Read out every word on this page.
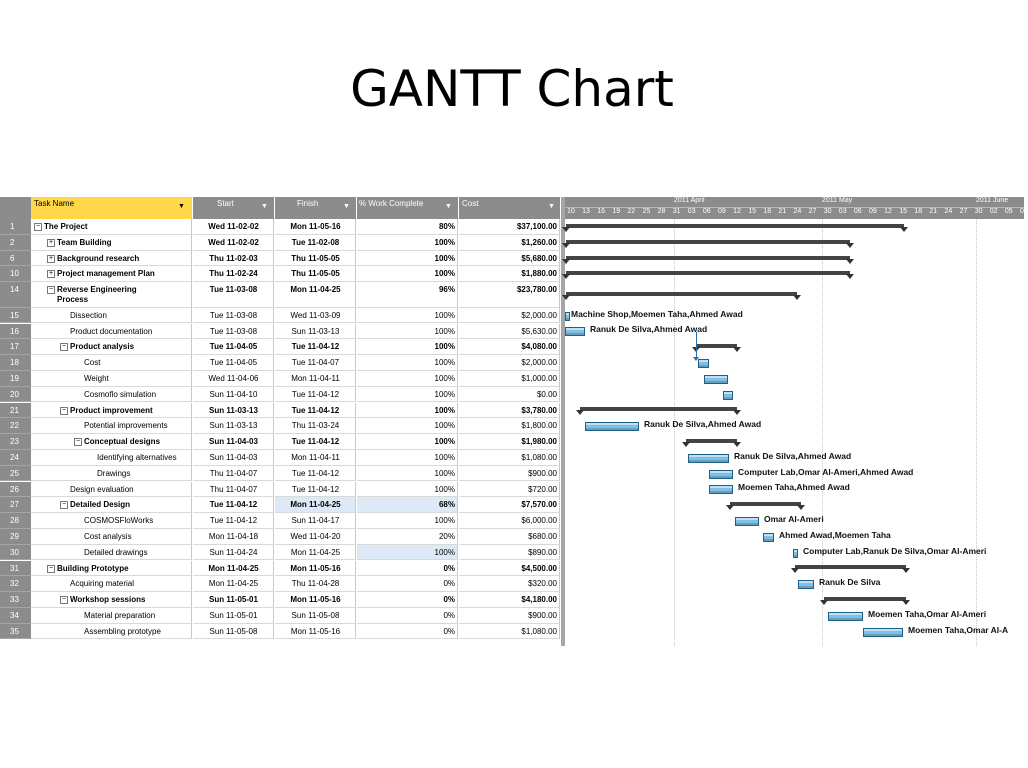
GANTT Chart
Task Name	▼	Start	▼	Finish	▼ % Work Complete	▼ Cost	▼
2011 April	2011 May	2011 June
10 13 16 19 22 25 28 31 03 06 09 12 15 18 21 24 27 30 03 06 09 12 15 18 21 24 27 30 02 05 08
1	− The Project	Wed 11-02-02	Mon 11-05-16	80%	$37,100.00
2	+ Team Building	Wed 11-02-02	Tue 11-02-08	100%	$1,260.00
6	+ Background research	Thu 11-02-03	Thu 11-05-05	100%	$5,680.00
10	+ Project management Plan	Thu 11-02-24	Thu 11-05-05	100%	$1,880.00
14	− Reverse Engineering
Process
Tue 11-03-08	Mon 11-04-25	96%	$23,780.00
15	Dissection	Tue 11-03-08	Wed 11-03-09	100%	$2,000.00
16	Product documentation	Tue 11-03-08	Sun 11-03-13	100%	$5,630.00
17	− Product analysis	Tue 11-04-05	Tue 11-04-12	100%	$4,080.00
18	Cost	Tue 11-04-05	Tue 11-04-07	100%	$2,000.00
19	Weight	Wed 11-04-06	Mon 11-04-11	100%	$1,000.00
20	Cosmoflo simulation	Sun 11-04-10	Tue 11-04-12	100%	$0.00
21	− Product improvement	Sun 11-03-13	Tue 11-04-12	100%	$3,780.00
22	Potential improvements	Sun 11-03-13	Thu 11-03-24	100%	$1,800.00
23	− Conceptual designs	Sun 11-04-03	Tue 11-04-12	100%	$1,980.00
24	Identifying alternatives	Sun 11-04-03	Mon 11-04-11	100%	$1,080.00
25	Drawings	Thu 11-04-07	Tue 11-04-12	100%	$900.00
26	Design evaluation	Thu 11-04-07	Tue 11-04-12	100%	$720.00
27	− Detailed Design	Tue 11-04-12	Mon 11-04-25	68%	$7,570.00
28	COSMOSFloWorks	Tue 11-04-12	Sun 11-04-17	100%	$6,000.00
29	Cost analysis	Mon 11-04-18	Wed 11-04-20	20%	$680.00
30	Detailed drawings	Sun 11-04-24	Mon 11-04-25	100%	$890.00
31	− Building Prototype	Mon 11-04-25	Mon 11-05-16	0%	$4,500.00
32	Acquiring material	Mon 11-04-25	Thu 11-04-28	0%	$320.00
33	− Workshop sessions	Sun 11-05-01	Mon 11-05-16	0%	$4,180.00
34	Material preparation	Sun 11-05-01	Sun 11-05-08	0%	$900.00
35	Assembling prototype	Sun 11-05-08	Mon 11-05-16	0%	$1,080.00
Machine Shop,Moemen Taha,Ahmed Awad
Ranuk De Silva,Ahmed Awad
Ranuk De Silva,Ahmed Awad
Ranuk De Silva,Ahmed Awad
Computer Lab,Omar Al-Ameri,Ahmed Awad
Moemen Taha,Ahmed Awad
Omar Al-Ameri
Ahmed Awad,Moemen Taha
Computer Lab,Ranuk De Silva,Omar Al-Ameri
Ranuk De Silva
Moemen Taha,Omar Al-Ameri
Moemen Taha,Omar Al-A
